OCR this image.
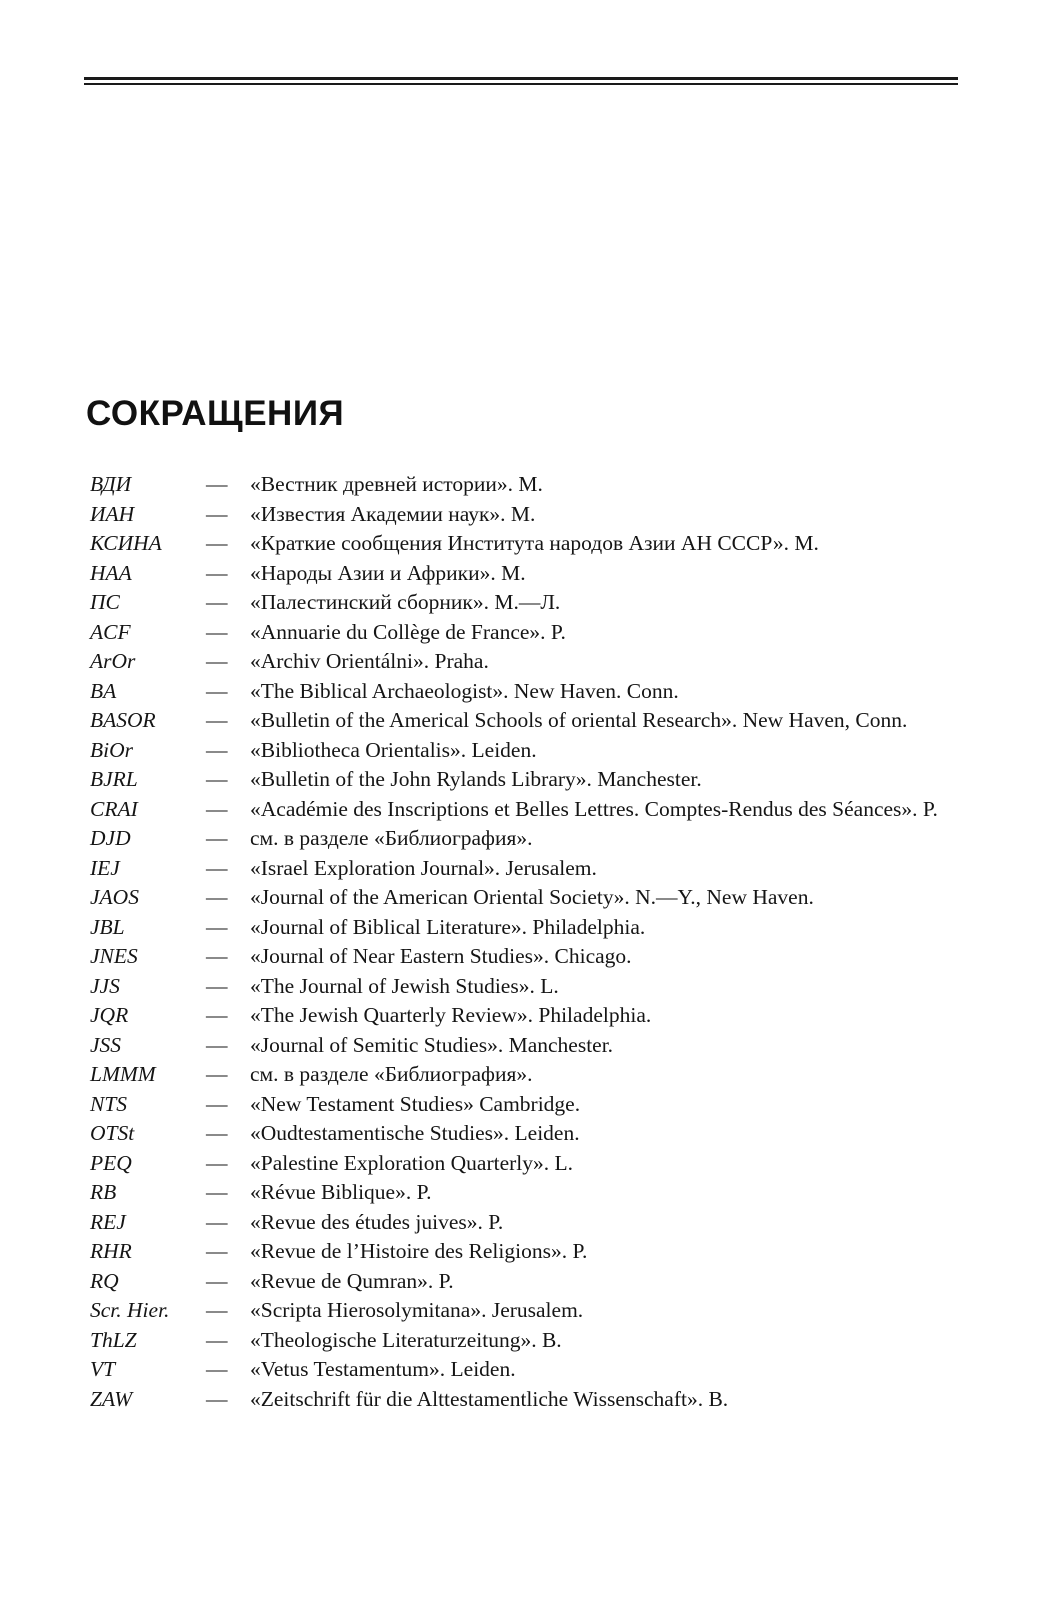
СОКРАЩЕНИЯ
ВДИ	— «Вестник древней истории». М.
ИАН	— «Известия Академии наук». М.
КСИНА — «Краткие сообщения Института народов Азии АН СССР». М.
НАА	— «Народы Азии и Африки». М.
ПС	— «Палестинский сборник». М.—Л.
ACF	— «Annuarie du Collège de France». P.
ArOr	— «Archiv Orientálni». Praha.
BA	— «The Biblical Archaeologist». New Haven. Conn.
BASOR — «Bulletin of the Americal Schools of oriental Research». New Haven, Conn.
BiOr	— «Bibliotheca Orientalis». Leiden.
BJRL	— «Bulletin of the John Rylands Library». Manchester.
CRAI	— «Académie des Inscriptions et Belles Lettres. Comptes-Rendus des Séances». P.
DJD	— см. в разделе «Библиография».
IEJ	— «Israel Exploration Journal». Jerusalem.
JAOS	— «Journal of the American Oriental Society». N.—Y., New Haven.
JBL	— «Journal of Biblical Literature». Philadelphia.
JNES	— «Journal of Near Eastern Studies». Chicago.
JJS	— «The Journal of Jewish Studies». L.
JQR	— «The Jewish Quarterly Review». Philadelphia.
JSS	— «Journal of Semitic Studies». Manchester.
LMMM — см. в разделе «Библиография».
NTS	— «New Testament Studies» Cambridge.
OTSt	— «Oudtestamentische Studies». Leiden.
PEQ	— «Palestine Exploration Quarterly». L.
RB	— «Révue Biblique». P.
REJ	— «Revue des études juives». P.
RHR	— «Revue de l’Histoire des Religions». P.
RQ	— «Revue de Qumran». P.
Scr. Hier. — «Scripta Hierosolymitana». Jerusalem.
ThLZ	— «Theologische Literaturzeitung». B.
VT	— «Vetus Testamentum». Leiden.
ZAW	— «Zeitschrift für die Alttestamentliche Wissenschaft». B.
